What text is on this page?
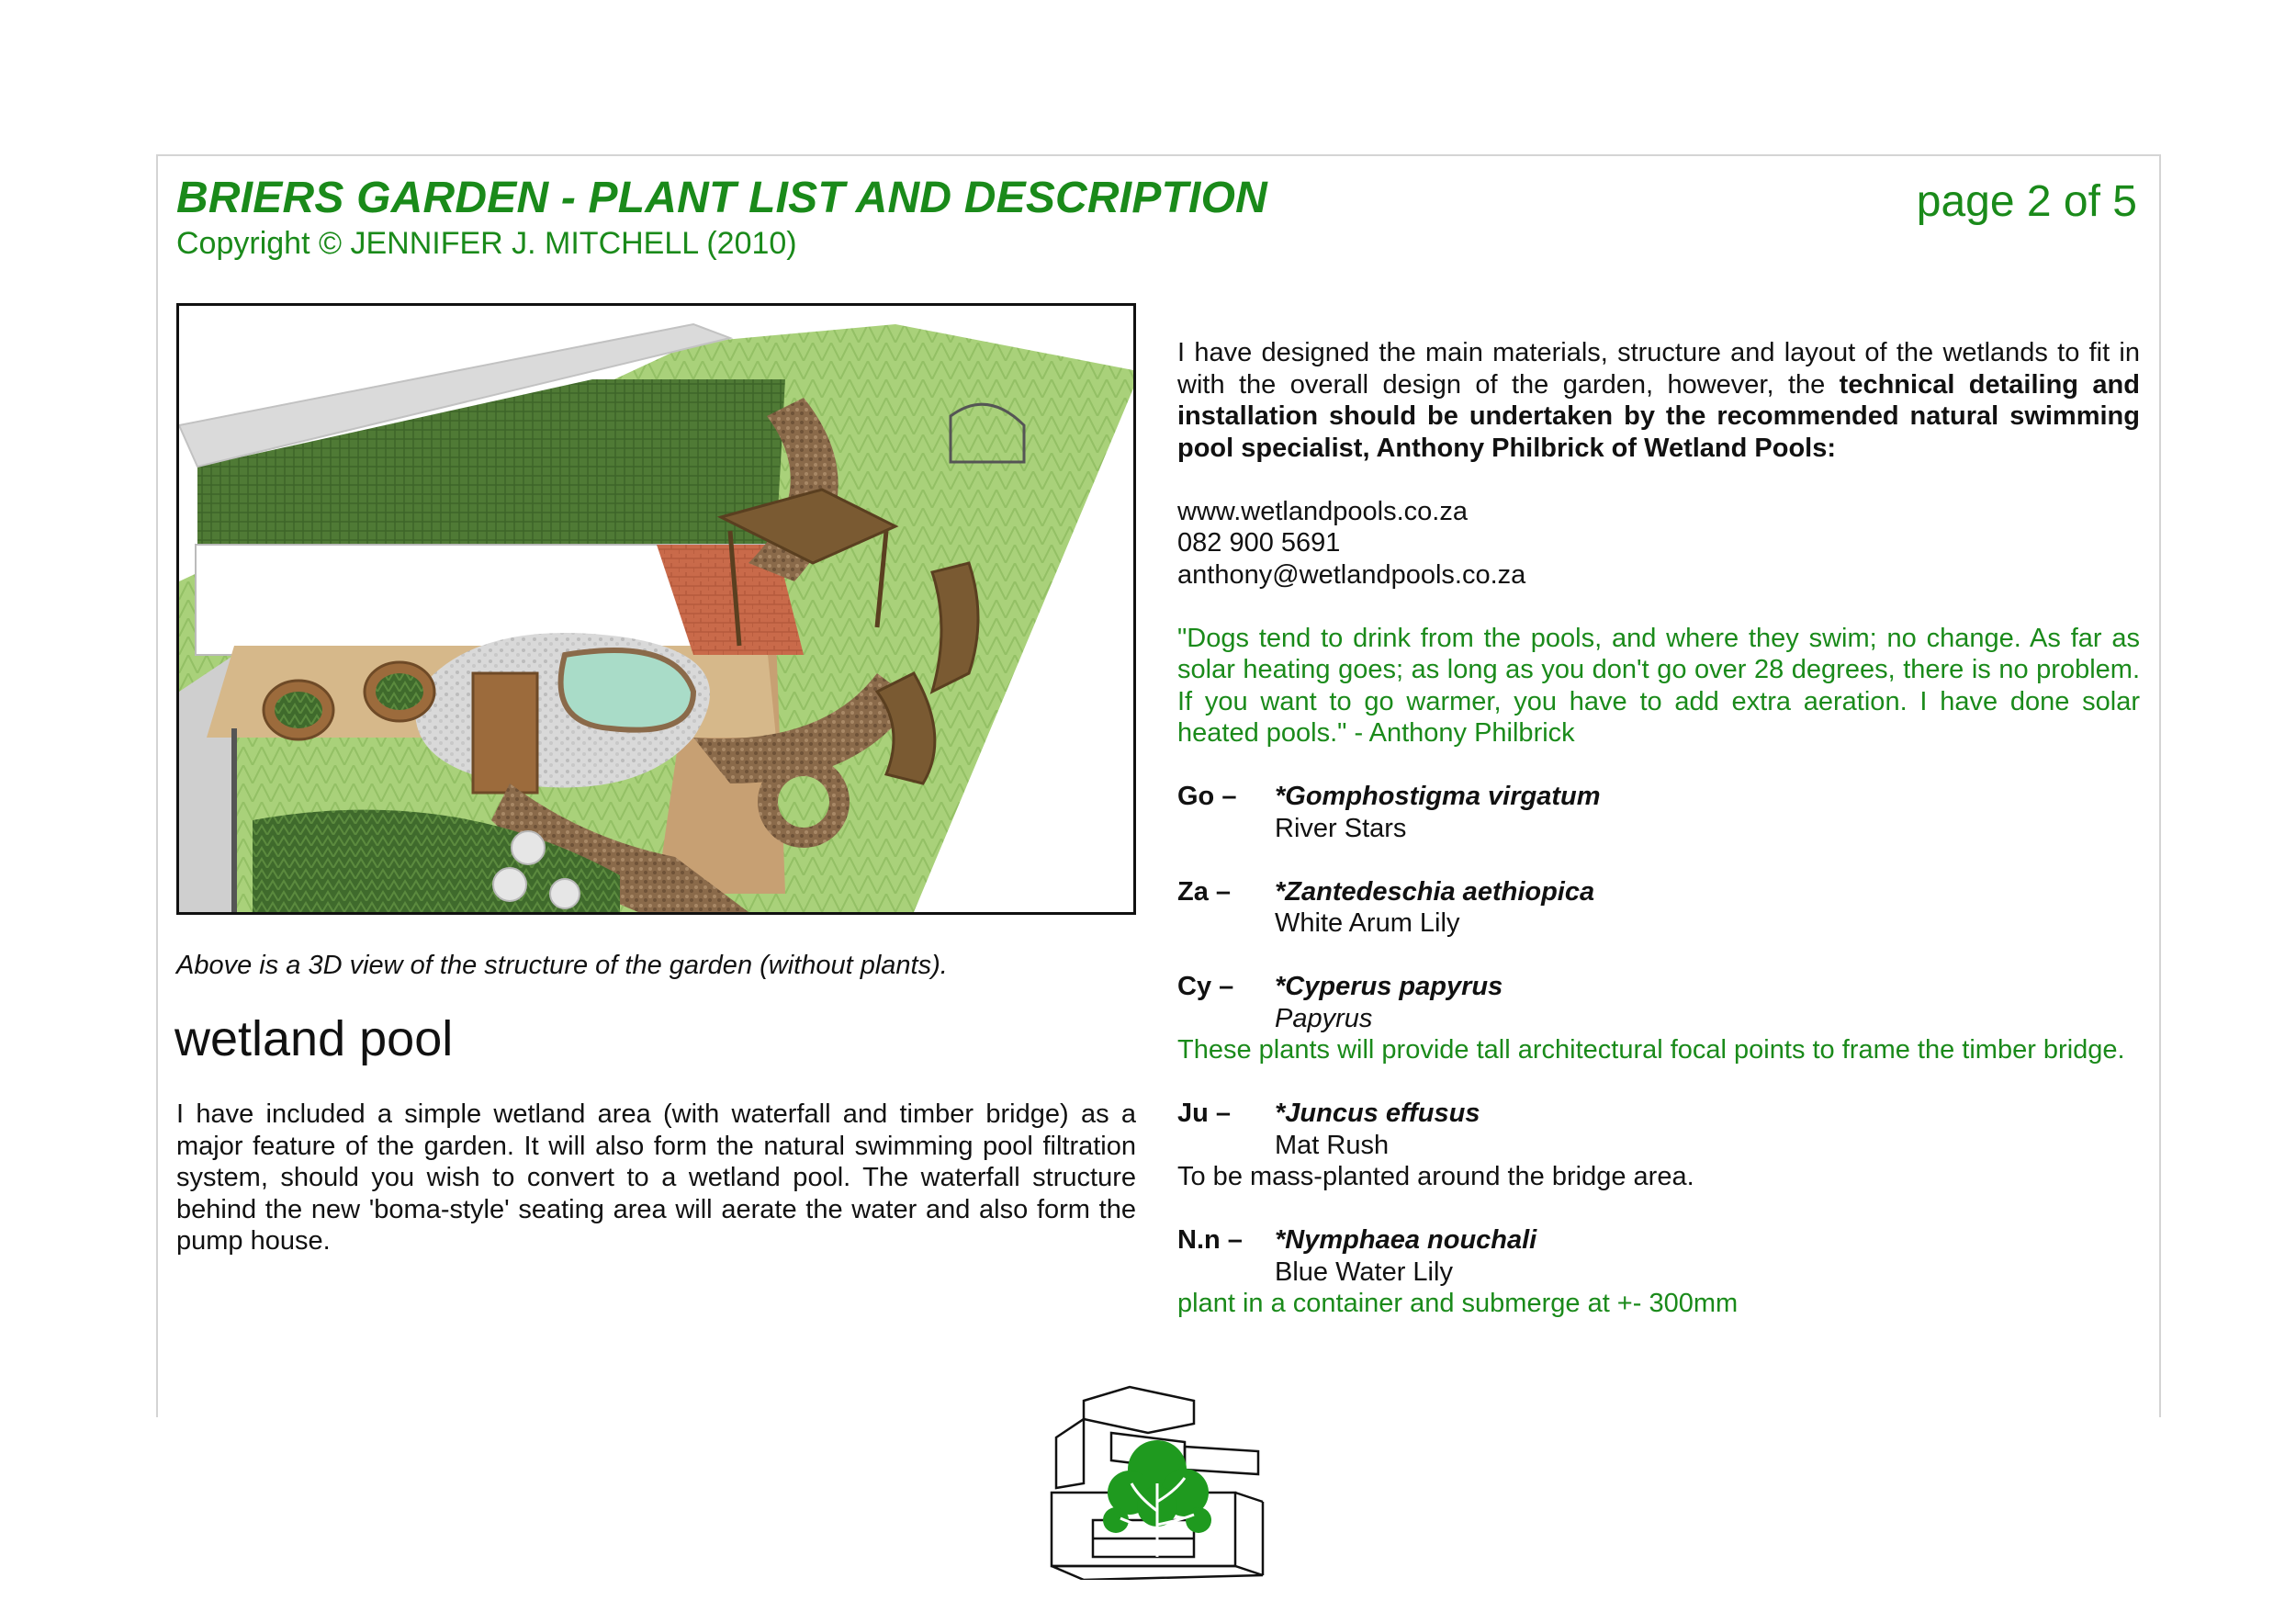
BRIERS GARDEN - PLANT LIST AND DESCRIPTION
Copyright © JENNIFER J. MITCHELL (2010)
page 2 of 5
Above is a 3D view of the structure of the garden (without plants).
wetland pool

I have included a simple wetland area (with waterfall and timber bridge) as a major feature of the garden. It will also form the natural swimming pool filtration system, should you wish to convert to a wetland pool. The waterfall structure behind the new 'boma-style' seating area will aerate the water and also form the pump house.

I have designed the main materials, structure and layout of the wetlands to fit in with the overall design of the garden, however, the technical detailing and installation should be undertaken by the recommended natural swimming pool specialist, Anthony Philbrick of Wetland Pools:

www.wetlandpools.co.za

082 900 5691

anthony@wetlandpools.co.za

"Dogs tend to drink from the pools, and where they swim; no change. As far as solar heating goes; as long as you don't go over 28 degrees, there is no problem. If you want to go warmer, you have to add extra aeration. I have done solar heated pools." - Anthony Philbrick

Go –	*Gomphostigma virgatum

River Stars

Za –	*Zantedeschia aethiopica

White Arum Lily

Cy –	*Cyperus papyrus

Papyrus

These plants will provide tall architectural focal points to frame the timber bridge.

Ju –	*Juncus effusus

Mat Rush

To be mass-planted around the bridge area.

N.n –	*Nymphaea nouchali

Blue Water Lily

plant in a container and submerge at +- 300mm
